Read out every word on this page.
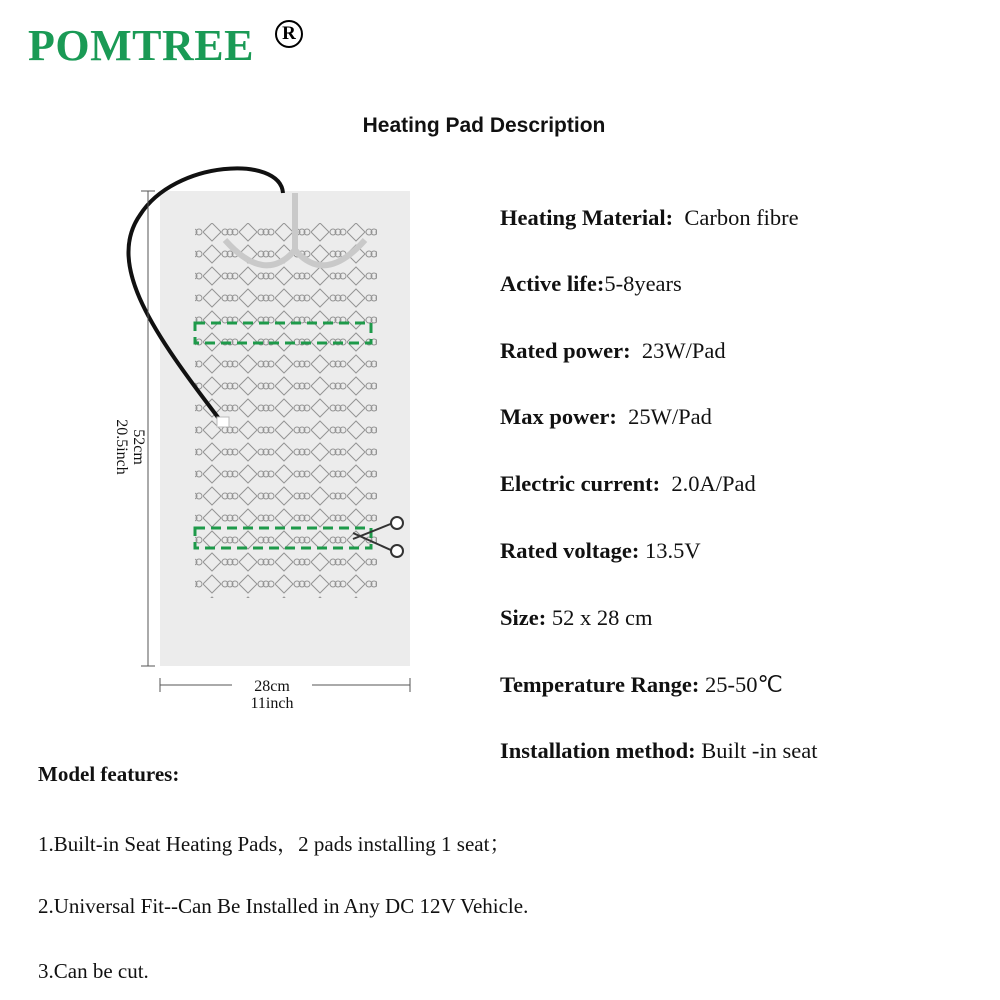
POMTREE	R
Heating Pad Description
52cm
20.5inch
28cm
11inch
Heating Material:  Carbon fibre
Active life:5-8years
Rated power:  23W/Pad
Max power:  25W/Pad
Electric current:  2.0A/Pad
Rated voltage: 13.5V
Size: 52 x 28 cm
Temperature Range: 25-50℃
Installation method: Built -in seat
Model features:
1.Built-in Seat Heating Pads，2 pads installing 1 seat；
2.Universal Fit--Can Be Installed in Any DC 12V Vehicle.
3.Can be cut.
